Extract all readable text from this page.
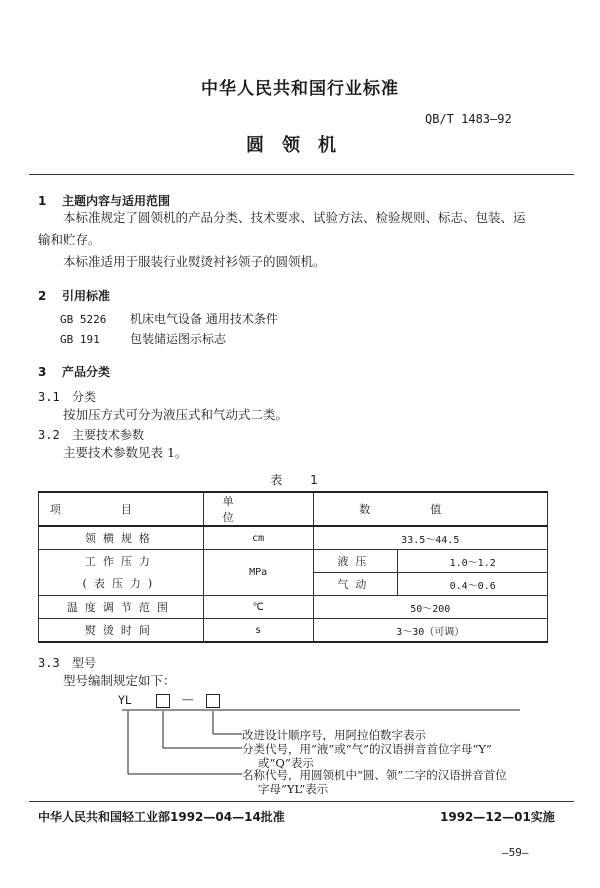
中华人民共和国行业标准
QB/T 1483—92
圆领机
1 主题内容与适用范围
本标准规定了圆领机的产品分类、技术要求、试验方法、检验规则、标志、包装、运输和贮存。
本标准适用于服装行业熨烫衬衫领子的圆领机。
2 引用标准
GB 5226 机床电气设备 通用技术条件
GB 191	包装储运图示标志
3 产品分类
3.1 分类
按加压方式可分为液压式和气动式二类。
3.2 主要技术参数
主要技术参数见表 1。
表 1
项目	单位	数值	
领横规格	cm	33.5～44.5	

工作压力
(表压力)	MPa	液压	1.0～1.2
		气动	0.4～0.6
温度调节范围	℃	50～200	
熨烫时间	s	3～30（可调）	
3.3 型号
型号编制规定如下：
YL	—
改进设计顺序号，用阿拉伯数字表示
分类代号，用“液”或“气”的汉语拼音首位字母“Y”
或“Q”表示
名称代号，用圆领机中“圆、领”二字的汉语拼音首位
字母“YL”表示
中华人民共和国轻工业部1992—04—14批准	1992—12—01实施
—59—
